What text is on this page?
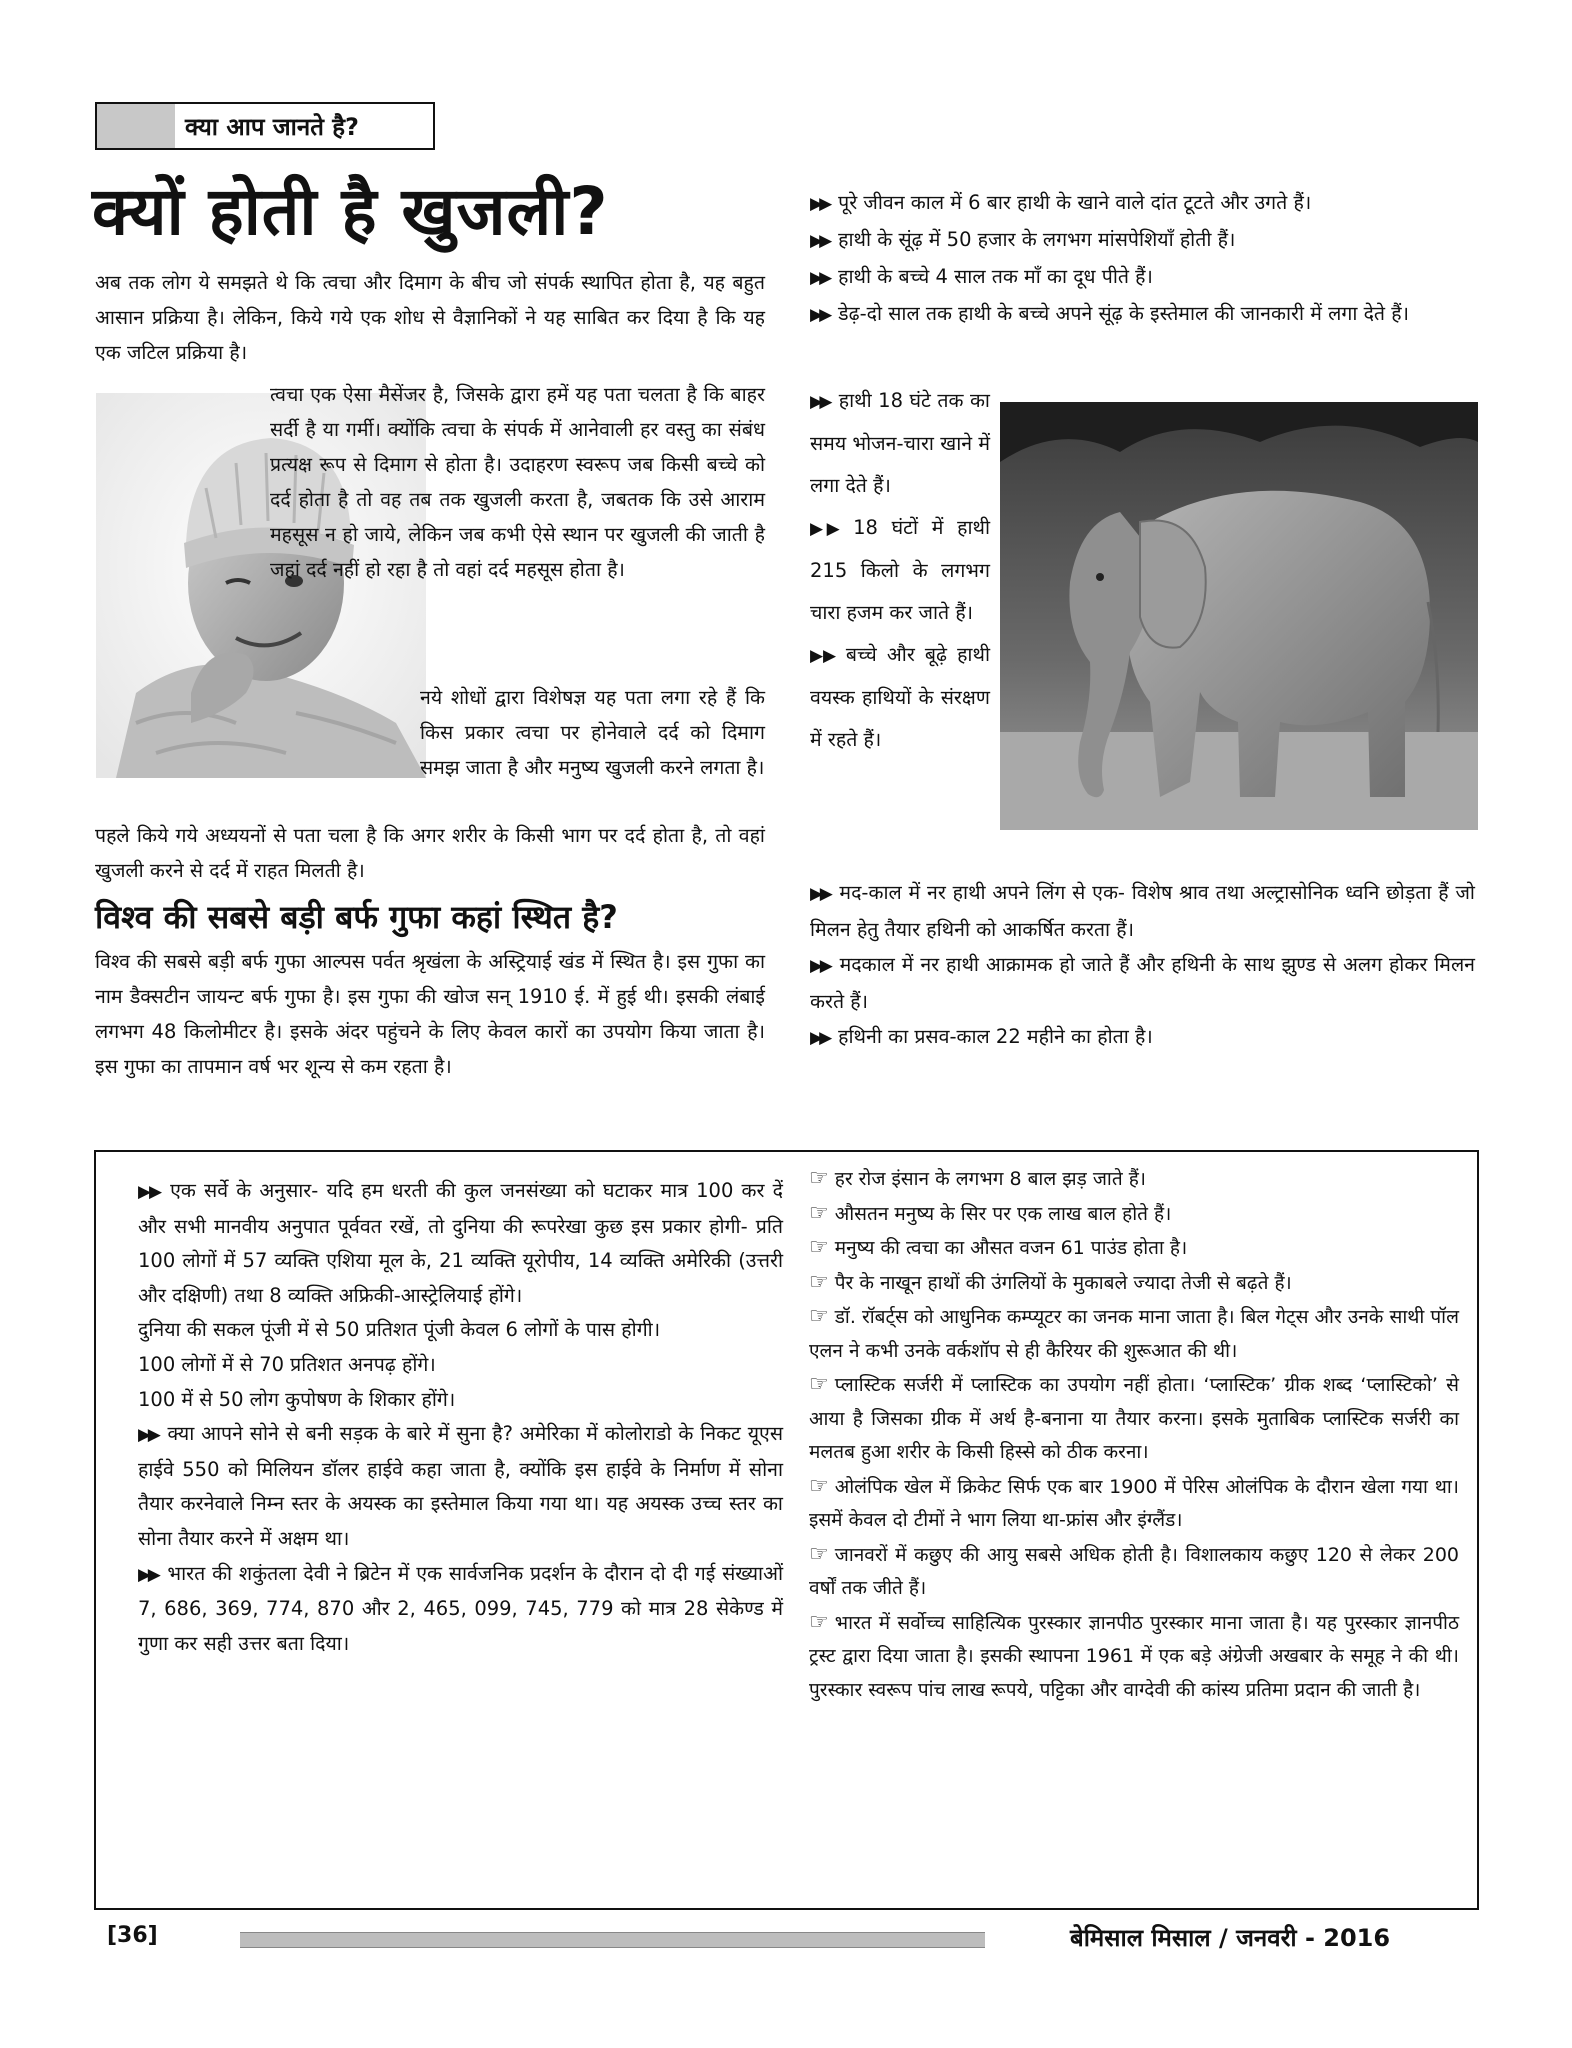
क्या आप जानते है?
क्यों होती है खुजली?
अब तक लोग ये समझते थे कि त्वचा और दिमाग के बीच जो संपर्क स्थापित होता है, यह बहुत आसान प्रक्रिया है। लेकिन, किये गये एक शोध से वैज्ञानिकों ने यह साबित कर दिया है कि यह एक जटिल प्रक्रिया है।
त्वचा एक ऐसा मैसेंजर है, जिसके द्वारा हमें यह पता चलता है कि बाहर सर्दी है या गर्मी। क्योंकि त्वचा के संपर्क में आनेवाली हर वस्तु का संबंध प्रत्यक्ष रूप से दिमाग से होता है। उदाहरण स्वरूप जब किसी बच्चे को दर्द होता है तो वह तब तक खुजली करता है, जबतक कि उसे आराम महसूस न हो जाये, लेकिन जब कभी ऐसे स्थान पर खुजली की जाती है जहां दर्द नहीं हो रहा है तो वहां दर्द महसूस होता है।
नये शोधों द्वारा विशेषज्ञ यह पता लगा रहे हैं कि किस प्रकार त्वचा पर होनेवाले दर्द को दिमाग समझ जाता है और मनुष्य खुजली करने लगता है।
पहले किये गये अध्ययनों से पता चला है कि अगर शरीर के किसी भाग पर दर्द होता है, तो वहां खुजली करने से दर्द में राहत मिलती है।
विश्व की सबसे बड़ी बर्फ गुफा कहां स्थित है?
विश्व की सबसे बड़ी बर्फ गुफा आल्पस पर्वत श्रृखंला के अस्ट्रियाई खंड में स्थित है। इस गुफा का नाम डैक्सटीन जायन्ट बर्फ गुफा है। इस गुफा की खोज सन् 1910 ई. में हुई थी। इसकी लंबाई लगभग 48 किलोमीटर है। इसके अंदर पहुंचने के लिए केवल कारों का उपयोग किया जाता है। इस गुफा का तापमान वर्ष भर शून्य से कम रहता है।

▶▶ पूरे जीवन काल में 6 बार हाथी के खाने वाले दांत टूटते और उगते हैं।

▶▶ हाथी के सूंढ़ में 50 हजार के लगभग मांसपेशियाँ होती हैं।

▶▶ हाथी के बच्चे 4 साल तक माँ का दूध पीते हैं।

▶▶ डेढ़-दो साल तक हाथी के बच्चे अपने सूंढ़ के इस्तेमाल की जानकारी में लगा देते हैं।

▶▶ हाथी 18 घंटे तक का समय भोजन-चारा खाने में लगा देते हैं।

▶▶ 18 घंटों में हाथी 215 किलो के लगभग चारा हजम कर जाते हैं।

▶▶ बच्चे और बूढ़े हाथी वयस्क हाथियों के संरक्षण में रहते हैं।

▶▶ मद-काल में नर हाथी अपने लिंग से एक- विशेष श्राव तथा अल्ट्रासोनिक ध्वनि छोड़ता हैं जो मिलन हेतु तैयार हथिनी को आकर्षित करता हैं।

▶▶ मदकाल में नर हाथी आक्रामक हो जाते हैं और हथिनी के साथ झुण्ड से अलग होकर मिलन करते हैं।

▶▶ हथिनी का प्रसव-काल 22 महीने का होता है।

▶▶ एक सर्वे के अनुसार- यदि हम धरती की कुल जनसंख्या को घटाकर मात्र 100 कर दें और सभी मानवीय अनुपात पूर्ववत रखें, तो दुनिया की रूपरेखा कुछ इस प्रकार होगी- प्रति 100 लोगों में 57 व्यक्ति एशिया मूल के, 21 व्यक्ति यूरोपीय, 14 व्यक्ति अमेरिकी (उत्तरी और दक्षिणी) तथा 8 व्यक्ति अफ्रिकी-आस्ट्रेलियाई होंगे।

दुनिया की सकल पूंजी में से 50 प्रतिशत पूंजी केवल 6 लोगों के पास होगी।

100 लोगों में से 70 प्रतिशत अनपढ़ होंगे।

100 में से 50 लोग कुपोषण के शिकार होंगे।

▶▶ क्या आपने सोने से बनी सड़क के बारे में सुना है? अमेरिका में कोलोराडो के निकट यूएस हाईवे 550 को मिलियन डॉलर हाईवे कहा जाता है, क्योंकि इस हाईवे के निर्माण में सोना तैयार करनेवाले निम्न स्तर के अयस्क का इस्तेमाल किया गया था। यह अयस्क उच्च स्तर का सोना तैयार करने में अक्षम था।

▶▶ भारत की शकुंतला देवी ने ब्रिटेन में एक सार्वजनिक प्रदर्शन के दौरान दो दी गई संख्याओं 7, 686, 369, 774, 870 और 2, 465, 099, 745, 779 को मात्र 28 सेकेण्ड में गुणा कर सही उत्तर बता दिया।

☞ हर रोज इंसान के लगभग 8 बाल झड़ जाते हैं।

☞ औसतन मनुष्य के सिर पर एक लाख बाल होते हैं।

☞ मनुष्य की त्वचा का औसत वजन 61 पाउंड होता है।

☞ पैर के नाखून हाथों की उंगलियों के मुकाबले ज्यादा तेजी से बढ़ते हैं।

☞ डॉ. रॉबर्ट्स को आधुनिक कम्प्यूटर का जनक माना जाता है। बिल गेट्स और उनके साथी पॉल एलन ने कभी उनके वर्कशॉप से ही कैरियर की शुरूआत की थी।

☞ प्लास्टिक सर्जरी में प्लास्टिक का उपयोग नहीं होता। ‘प्लास्टिक’ ग्रीक शब्द ‘प्लास्टिको’ से आया है जिसका ग्रीक में अर्थ है-बनाना या तैयार करना। इसके मुताबिक प्लास्टिक सर्जरी का मलतब हुआ शरीर के किसी हिस्से को ठीक करना।

☞ ओलंपिक खेल में क्रिकेट सिर्फ एक बार 1900 में पेरिस ओलंपिक के दौरान खेला गया था। इसमें केवल दो टीमों ने भाग लिया था-फ्रांस और इंग्लैंड।

☞ जानवरों में कछुए की आयु सबसे अधिक होती है। विशालकाय कछुए 120 से लेकर 200 वर्षों तक जीते हैं।

☞ भारत में सर्वोच्च साहित्यिक पुरस्कार ज्ञानपीठ पुरस्कार माना जाता है। यह पुरस्कार ज्ञानपीठ ट्रस्ट द्वारा दिया जाता है। इसकी स्थापना 1961 में एक बड़े अंग्रेजी अखबार के समूह ने की थी। पुरस्कार स्वरूप पांच लाख रूपये, पट्टिका और वाग्देवी की कांस्य प्रतिमा प्रदान की जाती है।

[36]	बेमिसाल मिसाल / जनवरी - 2016
